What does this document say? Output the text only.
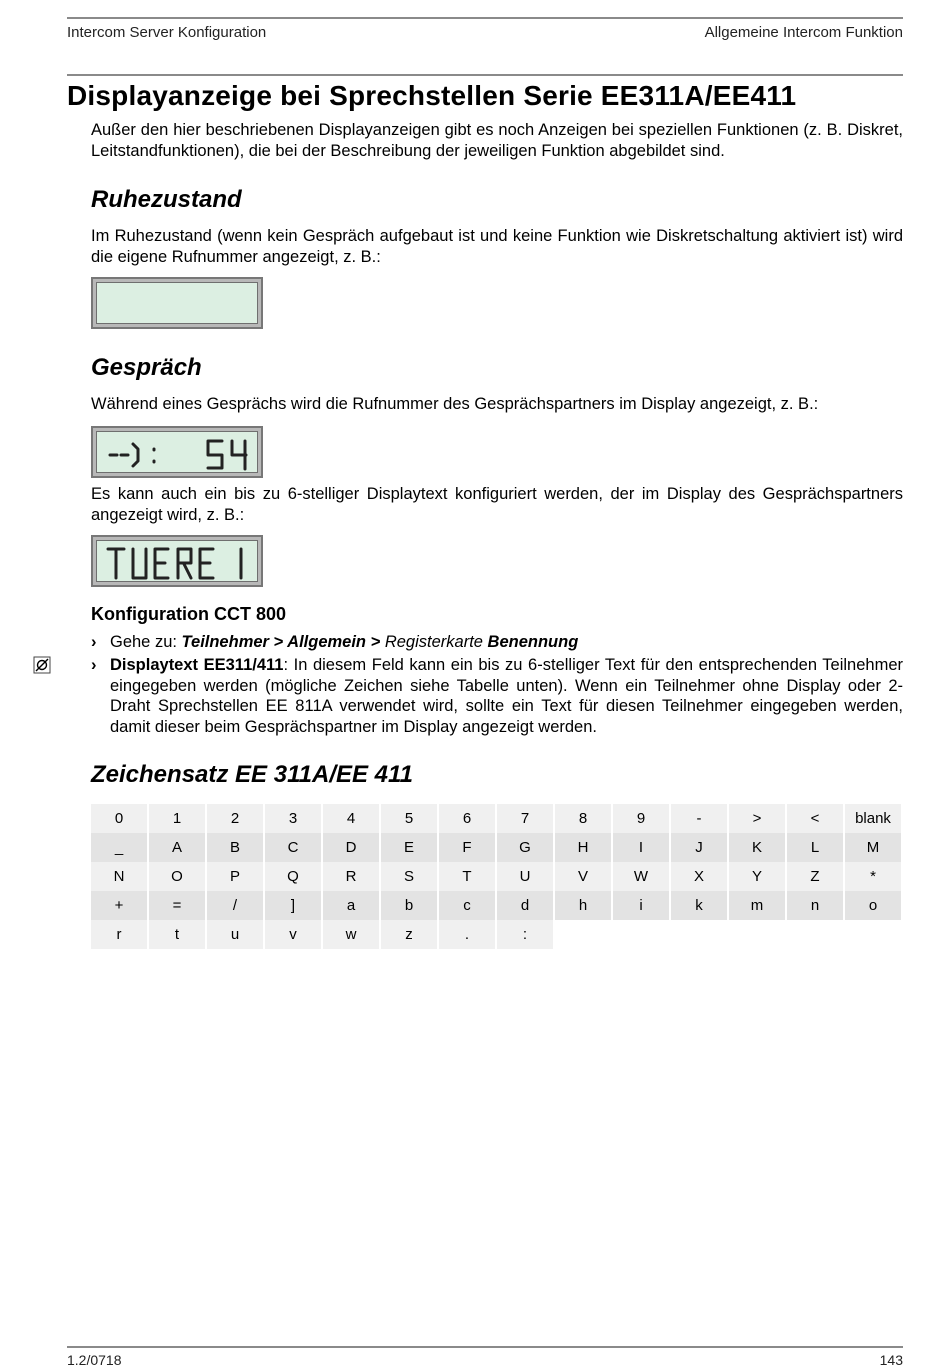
Intercom Server Konfiguration	Allgemeine Intercom Funktion
Displayanzeige bei Sprechstellen Serie EE311A/EE411

Außer den hier beschriebenen Displayanzeigen gibt es noch Anzeigen bei speziellen Funktionen (z. B. Diskret, Leitstandfunktionen), die bei der Beschreibung der jeweiligen Funktion abgebildet sind.

Ruhezustand

Im Ruhezustand (wenn kein Gespräch aufgebaut ist und keine Funktion wie Diskretschaltung aktiviert ist) wird die eigene Rufnummer angezeigt, z. B.:

Gespräch

Während eines Gesprächs wird die Rufnummer des Gesprächspartners im Display angezeigt, z. B.:

Es kann auch ein bis zu 6-stelliger Displaytext konfiguriert werden, der im Display des Gesprächspartners angezeigt wird, z. B.:

Konfiguration CCT 800
› Gehe zu: Teilnehmer > Allgemein > Registerkarte Benennung
› Displaytext EE311/411: In diesem Feld kann ein bis zu 6-stelliger Text für den entsprechenden Teilnehmer eingegeben werden (mögliche Zeichen siehe Tabelle unten). Wenn ein Teilnehmer ohne Display oder 2-Draht Sprechstellen EE 811A verwendet wird, sollte ein Text für diesen Teilnehmer eingegeben werden, damit dieser beim Gesprächspartner im Display angezeigt werden.
Zeichensatz EE 311A/EE 411
0	1	2	3	4	5	6	7	8	9	-	>	<	blank
_	A	B	C	D	E	F	G	H	I	J	K	L	M
N	O	P	Q	R	S	T	U	V	W	X	Y	Z	*
+	=	/	]	a	b	c	d	h	i	k	m	n	o
r	t	u	v	w	z	.	:						
1.2/0718	143
